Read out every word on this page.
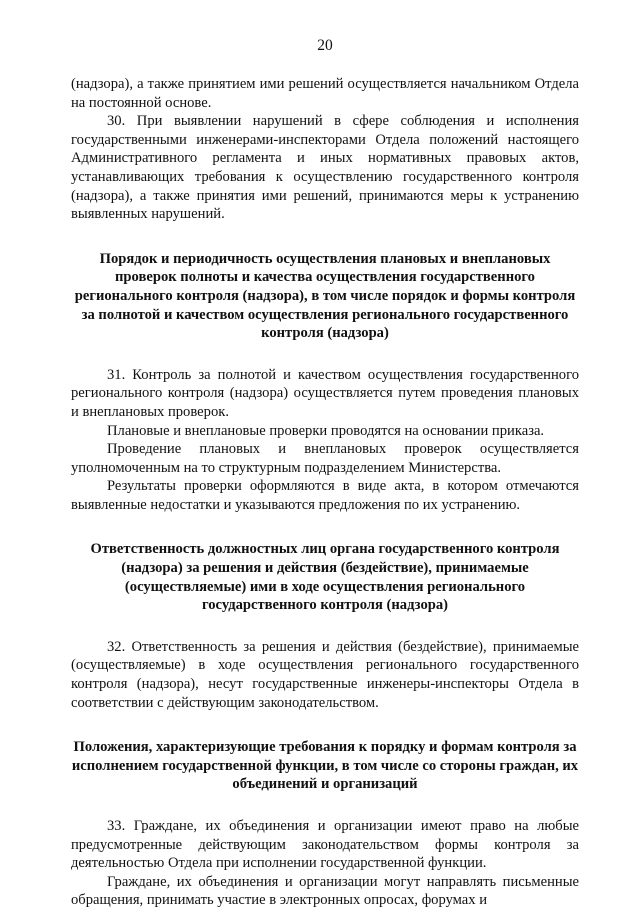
20

(надзора), а также принятием ими решений осуществляется начальником Отдела на постоянной основе.

30. При выявлении нарушений в сфере соблюдения и исполнения государственными инженерами-инспекторами Отдела положений настоящего Административного регламента и иных нормативных правовых актов, устанавливающих требования к осуществлению государственного контроля (надзора), а также принятия ими решений, принимаются меры к устранению выявленных нарушений.

Порядок и периодичность осуществления плановых и внеплановых проверок полноты и качества осуществления государственного регионального контроля (надзора), в том числе порядок и формы контроля за полнотой и качеством осуществления регионального государственного контроля (надзора)

31. Контроль за полнотой и качеством осуществления государственного регионального контроля (надзора) осуществляется путем проведения плановых и внеплановых проверок.

Плановые и внеплановые проверки проводятся на основании приказа.

Проведение плановых и внеплановых проверок осуществляется уполномоченным на то структурным подразделением Министерства.

Результаты проверки оформляются в виде акта, в котором отмечаются выявленные недостатки и указываются предложения по их устранению.

Ответственность должностных лиц органа государственного контроля (надзора) за решения и действия (бездействие), принимаемые (осуществляемые) ими в ходе осуществления регионального государственного контроля (надзора)

32. Ответственность за решения и действия (бездействие), принимаемые (осуществляемые) в ходе осуществления регионального государственного контроля (надзора), несут государственные инженеры-инспекторы Отдела в соответствии с действующим законодательством.

Положения, характеризующие требования к порядку и формам контроля за исполнением государственной функции, в том числе со стороны граждан, их объединений и организаций

33. Граждане, их объединения и организации имеют право на любые предусмотренные действующим законодательством формы контроля за деятельностью Отдела при исполнении государственной функции.

Граждане, их объединения и организации могут направлять письменные обращения, принимать участие в электронных опросах, форумах и
